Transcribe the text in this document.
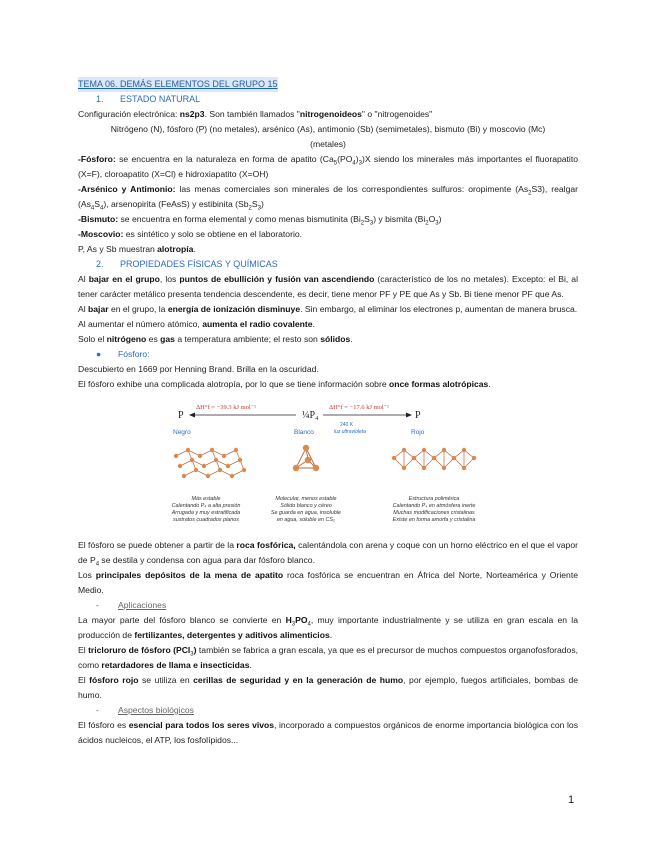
TEMA 06. DEMÁS ELEMENTOS DEL GRUPO 15
1. ESTADO NATURAL
Configuración electrónica: ns2p3. Son también llamados "nitrogenoideos" o "nitrogenoides"
Nitrógeno (N), fósforo (P) (no metales), arsénico (As), antimonio (Sb) (semimetales), bismuto (Bi) y moscovio (Mc)
(metales)
-Fósforo: se encuentra en la naturaleza en forma de apatito $(Ca_5(PO_4)_3)X$ siendo los minerales más importantes el fluorapatito (X=F), cloroapatito (X=Cl) e hidroxiapatito (X=OH)
-Arsénico y Antimonio: las menas comerciales son minerales de los correspondientes sulfuros: oropimente $(As_2S3)$, realgar $(As_4S_4)$, arsenopirita (FeAsS) y estibinita $(Sb_2S_3)$
-Bismuto: se encuentra en forma elemental y como menas bismutinita $(Bi_2S_3)$ y bismita $(Bi_2O_3)$
-Moscovio: es sintético y solo se obtiene en el laboratorio.
P, As y Sb muestran alotropía.
2. PROPIEDADES FÍSICAS Y QUÍMICAS
Al bajar en el grupo, los puntos de ebullición y fusión van ascendiendo (característico de los no metales). Excepto: el Bi, al tener carácter metálico presenta tendencia descendente, es decir, tiene menor PF y PE que As y Sb. Bi tiene menor PF que As.
Al bajar en el grupo, la energía de ionización disminuye. Sin embargo, al eliminar los electrones p, aumentan de manera brusca.
Al aumentar el número atómico, aumenta el radio covalente.
Solo el nitrógeno es gas a temperatura ambiente; el resto son sólidos.
● Fósforo:
Descubierto en 1669 por Henning Brand. Brilla en la oscuridad.
El fósforo exhibe una complicada alotropía, por lo que se tiene información sobre once formas alotrópicas.
P	¼P₄	P
ΔH°f = −39.3 kJ mol⁻¹	ΔH°f = −17.6 kJ mol⁻¹
240 K
luz ultravioleta
Negro	Blanco	Rojo
Más estable
Calentando P₄ a alta presión
Arrugada y muy estratificada
sustratos cuadrados planos
Molecular, menos estable
Sólido blanco y céreo
Se guarda en agua, insoluble
en agua, soluble en CS₂
Estructura polimérica
Calentando P₄ en atmósfera inerte
Muchas modificaciones cristalinas
Existe en forma amorfa y cristalina
El fósforo se puede obtener a partir de la roca fosfórica, calentándola con arena y coque con un horno eléctrico en el que el vapor de $P_4$ se destila y condensa con agua para dar fósforo blanco.
Los principales depósitos de la mena de apatito roca fosfórica se encuentran en África del Norte, Norteamérica y Oriente Medio.
- Aplicaciones
La mayor parte del fósforo blanco se convierte en $H_3PO_4$, muy importante industrialmente y se utiliza en gran escala en la producción de fertilizantes, detergentes y aditivos alimenticios.
El tricloruro de fósforo (PCl$_3$) también se fabrica a gran escala, ya que es el precursor de muchos compuestos organofosforados, como retardadores de llama e insecticidas.
El fósforo rojo se utiliza en cerillas de seguridad y en la generación de humo, por ejemplo, fuegos artificiales, bombas de humo.
- Aspectos biológicos
El fósforo es esencial para todos los seres vivos, incorporado a compuestos orgánicos de enorme importancia biológica con los ácidos nucleicos, el ATP, los fosfolípidos...
1
